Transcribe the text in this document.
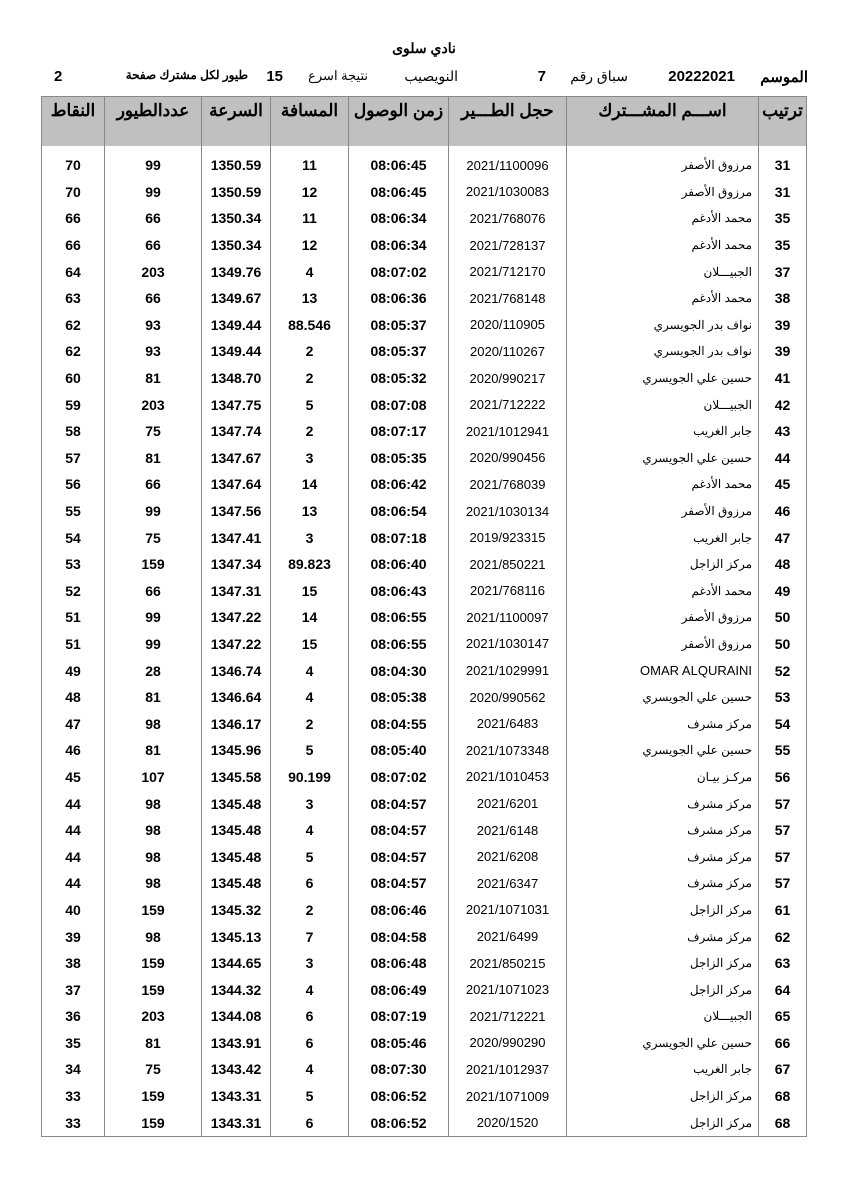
نادي سلوى
الموسم
20222021
سباق رقم
7
النويصيب
نتيجة اسرع
15
طيور لكل مشترك صفحة
2
ترتيب	اســـم المشـــترك	حجل الطـــير	زمن الوصول	المسافة	السرعة	عددالطيور	النقاط
31	مرزوق الأصفر	2021/1100096	08:06:45	11	1350.59	99	70
31	مرزوق الأصفر	2021/1030083	08:06:45	12	1350.59	99	70
35	محمد الأدغم	2021/768076	08:06:34	11	1350.34	66	66
35	محمد الأدغم	2021/728137	08:06:34	12	1350.34	66	66
37	الجبيـــلان	2021/712170	08:07:02	4	1349.76	203	64
38	محمد الأدغم	2021/768148	08:06:36	13	1349.67	66	63
39	نواف بدر الجويسري	2020/110905	08:05:37	88.546	1349.44	93	62
39	نواف بدر الجويسري	2020/110267	08:05:37	2	1349.44	93	62
41	حسين علي الجويسري	2020/990217	08:05:32	2	1348.70	81	60
42	الجبيـــلان	2021/712222	08:07:08	5	1347.75	203	59
43	جابر الغريب	2021/1012941	08:07:17	2	1347.74	75	58
44	حسين علي الجويسري	2020/990456	08:05:35	3	1347.67	81	57
45	محمد الأدغم	2021/768039	08:06:42	14	1347.64	66	56
46	مرزوق الأصفر	2021/1030134	08:06:54	13	1347.56	99	55
47	جابر الغريب	2019/923315	08:07:18	3	1347.41	75	54
48	مركز الزاجل	2021/850221	08:06:40	89.823	1347.34	159	53
49	محمد الأدغم	2021/768116	08:06:43	15	1347.31	66	52
50	مرزوق الأصفر	2021/1100097	08:06:55	14	1347.22	99	51
50	مرزوق الأصفر	2021/1030147	08:06:55	15	1347.22	99	51
52	OMAR ALQURAINI	2021/1029991	08:04:30	4	1346.74	28	49
53	حسين علي الجويسري	2020/990562	08:05:38	4	1346.64	81	48
54	مركز مشرف	2021/6483	08:04:55	2	1346.17	98	47
55	حسين علي الجويسري	2021/1073348	08:05:40	5	1345.96	81	46
56	مركـز بيـان	2021/1010453	08:07:02	90.199	1345.58	107	45
57	مركز مشرف	2021/6201	08:04:57	3	1345.48	98	44
57	مركز مشرف	2021/6148	08:04:57	4	1345.48	98	44
57	مركز مشرف	2021/6208	08:04:57	5	1345.48	98	44
57	مركز مشرف	2021/6347	08:04:57	6	1345.48	98	44
61	مركز الزاجل	2021/1071031	08:06:46	2	1345.32	159	40
62	مركز مشرف	2021/6499	08:04:58	7	1345.13	98	39
63	مركز الزاجل	2021/850215	08:06:48	3	1344.65	159	38
64	مركز الزاجل	2021/1071023	08:06:49	4	1344.32	159	37
65	الجبيـــلان	2021/712221	08:07:19	6	1344.08	203	36
66	حسين علي الجويسري	2020/990290	08:05:46	6	1343.91	81	35
67	جابر الغريب	2021/1012937	08:07:30	4	1343.42	75	34
68	مركز الزاجل	2021/1071009	08:06:52	5	1343.31	159	33
68	مركز الزاجل	2020/1520	08:06:52	6	1343.31	159	33
